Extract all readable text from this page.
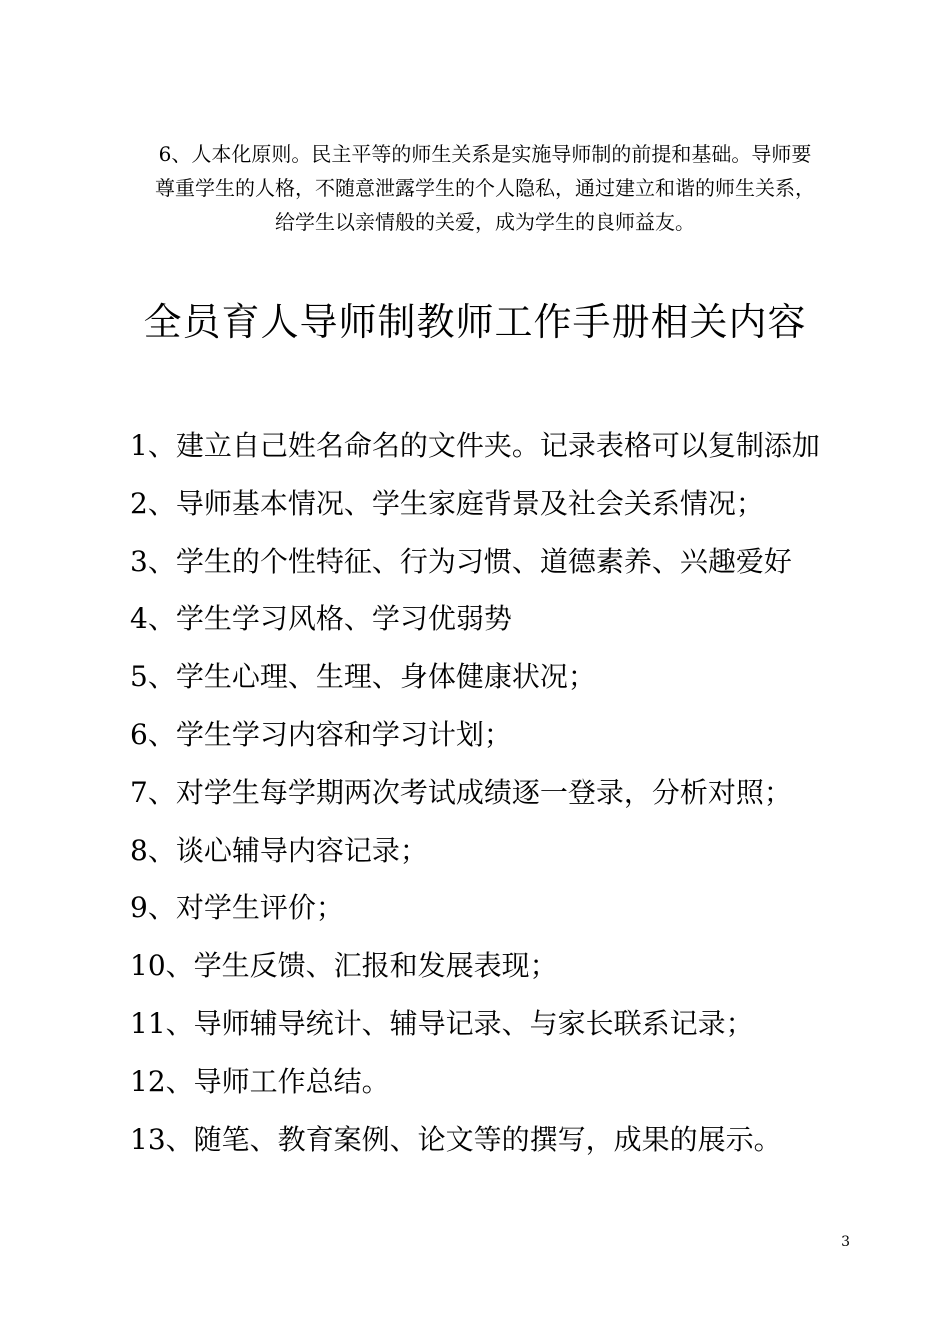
6、人本化原则。民主平等的师生关系是实施导师制的前提和基础。导师要
尊重学生的人格，不随意泄露学生的个人隐私，通过建立和谐的师生关系，
给学生以亲情般的关爱，成为学生的良师益友。
全员育人导师制教师工作手册相关内容
1、建立自己姓名命名的文件夹。记录表格可以复制添加
2、导师基本情况、学生家庭背景及社会关系情况；
3、学生的个性特征、行为习惯、道德素养、兴趣爱好
4、学生学习风格、学习优弱势
5、学生心理、生理、身体健康状况；
6、学生学习内容和学习计划；
7、对学生每学期两次考试成绩逐一登录，分析对照；
8、谈心辅导内容记录；
9、对学生评价；
10、学生反馈、汇报和发展表现；
11、导师辅导统计、辅导记录、与家长联系记录；
12、导师工作总结。
13、随笔、教育案例、论文等的撰写，成果的展示。
3
